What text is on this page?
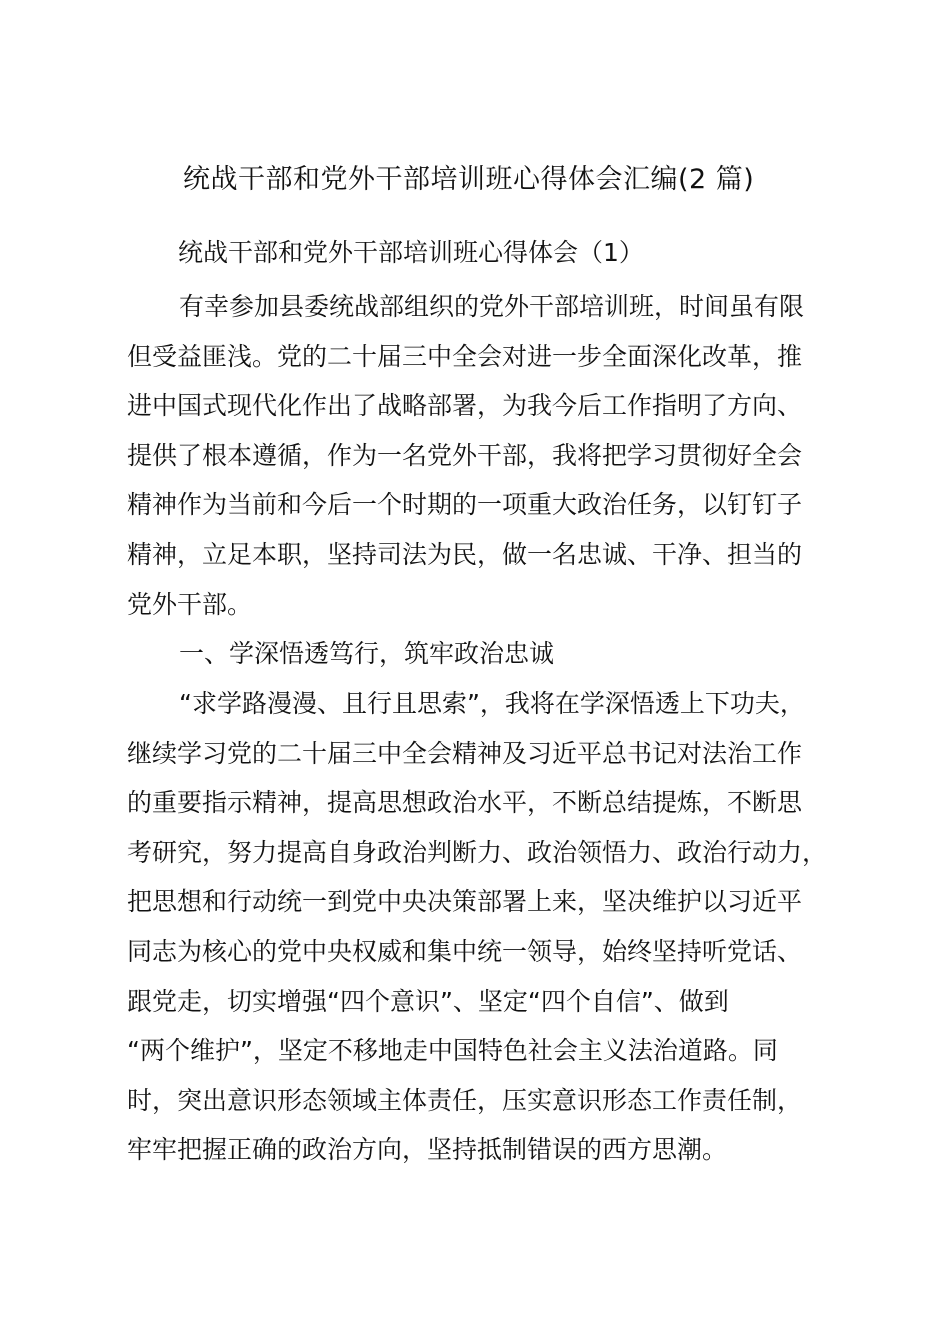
统战干部和党外干部培训班心得体会汇编(2 篇)
统战干部和党外干部培训班心得体会（1）
有幸参加县委统战部组织的党外干部培训班，时间虽有限
但受益匪浅。党的二十届三中全会对进一步全面深化改革，推
进中国式现代化作出了战略部署，为我今后工作指明了方向、
提供了根本遵循，作为一名党外干部，我将把学习贯彻好全会
精神作为当前和今后一个时期的一项重大政治任务，以钉钉子
精神，立足本职，坚持司法为民，做一名忠诚、干净、担当的
党外干部。
一、学深悟透笃行，筑牢政治忠诚
“求学路漫漫、且行且思索”，我将在学深悟透上下功夫，
继续学习党的二十届三中全会精神及习近平总书记对法治工作
的重要指示精神，提高思想政治水平，不断总结提炼，不断思
考研究，努力提高自身政治判断力、政治领悟力、政治行动力，
把思想和行动统一到党中央决策部署上来，坚决维护以习近平
同志为核心的党中央权威和集中统一领导，始终坚持听党话、
跟党走，切实增强“四个意识”、坚定“四个自信”、做到
“两个维护”，坚定不移地走中国特色社会主义法治道路。同
时，突出意识形态领域主体责任，压实意识形态工作责任制，
牢牢把握正确的政治方向，坚持抵制错误的西方思潮。
